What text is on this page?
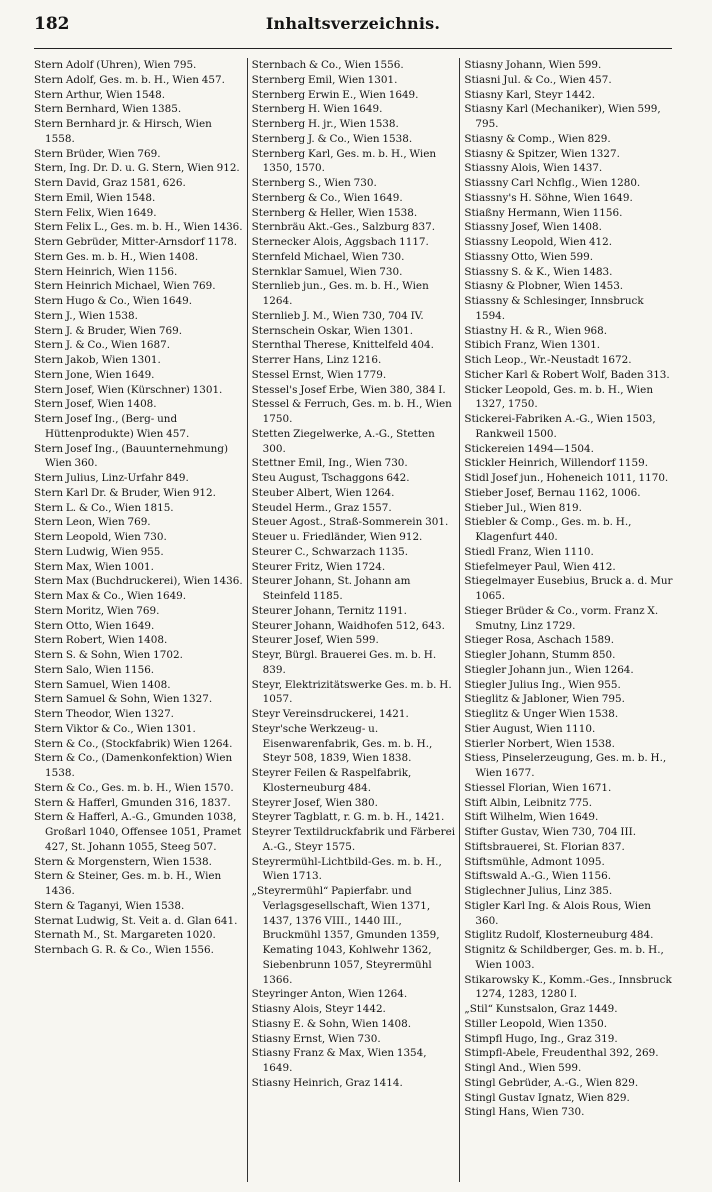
Inhaltsverzeichnis.
182
Stern Adolf (Uhren), Wien 795.
Stern Adolf, Ges. m. b. H., Wien 457.
Stern Arthur, Wien 1548.
Stern Bernhard, Wien 1385.
Stern Bernhard jr. & Hirsch, Wien 1558.
Stern Brüder, Wien 769.
Stern, Ing. Dr. D. u. G. Stern, Wien 912.
Stern David, Graz 1581, 626.
Stern Emil, Wien 1548.
Stern Felix, Wien 1649.
Stern Felix L., Ges. m. b. H., Wien 1436.
Stern Gebrüder, Mitter-Arnsdorf 1178.
Stern Ges. m. b. H., Wien 1408.
Stern Heinrich, Wien 1156.
Stern Heinrich Michael, Wien 769.
Stern Hugo & Co., Wien 1649.
Stern J., Wien 1538.
Stern J. & Bruder, Wien 769.
Stern J. & Co., Wien 1687.
Stern Jakob, Wien 1301.
Stern Jone, Wien 1649.
Stern Josef, Wien (Kürschner) 1301.
Stern Josef, Wien 1408.
Stern Josef Ing., (Berg- und Hüttenprodukte) Wien 457.
Stern Josef Ing., (Bauunternehmung) Wien 360.
Stern Julius, Linz-Urfahr 849.
Stern Karl Dr. & Bruder, Wien 912.
Stern L. & Co., Wien 1815.
Stern Leon, Wien 769.
Stern Leopold, Wien 730.
Stern Ludwig, Wien 955.
Stern Max, Wien 1001.
Stern Max (Buchdruckerei), Wien 1436.
Stern Max & Co., Wien 1649.
Stern Moritz, Wien 769.
Stern Otto, Wien 1649.
Stern Robert, Wien 1408.
Stern S. & Sohn, Wien 1702.
Stern Salo, Wien 1156.
Stern Samuel, Wien 1408.
Stern Samuel & Sohn, Wien 1327.
Stern Theodor, Wien 1327.
Stern Viktor & Co., Wien 1301.
Stern & Co., (Stockfabrik) Wien 1264.
Stern & Co., (Damenkonfektion) Wien 1538.
Stern & Co., Ges. m. b. H., Wien 1570.
Stern & Hafferl, Gmunden 316, 1837.
Stern & Hafferl, A.-G., Gmunden 1038, Großarl 1040, Offensee 1051, Pramet 427, St. Johann 1055, Steeg 507.
Stern & Morgenstern, Wien 1538.
Stern & Steiner, Ges. m. b. H., Wien 1436.
Stern & Taganyi, Wien 1538.
Sternat Ludwig, St. Veit a. d. Glan 641.
Sternath M., St. Margareten 1020.
Sternbach G. R. & Co., Wien 1556.
Sternbach & Co., Wien 1556.
Sternberg Emil, Wien 1301.
Sternberg Erwin E., Wien 1649.
Sternberg H. Wien 1649.
Sternberg H. jr., Wien 1538.
Sternberg J. & Co., Wien 1538.
Sternberg Karl, Ges. m. b. H., Wien 1350, 1570.
Sternberg S., Wien 730.
Sternberg & Co., Wien 1649.
Sternberg & Heller, Wien 1538.
Sternbräu Akt.-Ges., Salzburg 837.
Sternecker Alois, Aggsbach 1117.
Sternfeld Michael, Wien 730.
Sternklar Samuel, Wien 730.
Sternlieb jun., Ges. m. b. H., Wien 1264.
Sternlieb J. M., Wien 730, 704 IV.
Sternschein Oskar, Wien 1301.
Sternthal Therese, Knittelfeld 404.
Sterrer Hans, Linz 1216.
Stessel Ernst, Wien 1779.
Stessel's Josef Erbe, Wien 380, 384 I.
Stessel & Ferruch, Ges. m. b. H., Wien 1750.
Stetten Ziegelwerke, A.-G., Stetten 300.
Stettner Emil, Ing., Wien 730.
Steu August, Tschaggons 642.
Steuber Albert, Wien 1264.
Steudel Herm., Graz 1557.
Steuer Agost., Straß-Sommerein 301.
Steuer u. Friedländer, Wien 912.
Steurer C., Schwarzach 1135.
Steurer Fritz, Wien 1724.
Steurer Johann, St. Johann am Steinfeld 1185.
Steurer Johann, Ternitz 1191.
Steurer Johann, Waidhofen 512, 643.
Steurer Josef, Wien 599.
Steyr, Bürgl. Brauerei Ges. m. b. H. 839.
Steyr, Elektrizitätswerke Ges. m. b. H. 1057.
Steyr Vereinsdruckerei, 1421.
Steyr'sche Werkzeug- u. Eisenwarenfabrik, Ges. m. b. H., Steyr 508, 1839, Wien 1838.
Steyrer Feilen & Raspelfabrik, Klosterneuburg 484.
Steyrer Josef, Wien 380.
Steyrer Tagblatt, r. G. m. b. H., 1421.
Steyrer Textildruckfabrik und Färberei A.-G., Steyr 1575.
Steyrermühl-Lichtbild-Ges. m. b. H., Wien 1713.
„Steyrermühl“ Papierfabr. und Verlagsgesellschaft, Wien 1371, 1437, 1376 VIII., 1440 III., Bruckmühl 1357, Gmunden 1359, Kemating 1043, Kohlwehr 1362, Siebenbrunn 1057, Steyrermühl 1366.
Steyringer Anton, Wien 1264.
Stiasny Alois, Steyr 1442.
Stiasny E. & Sohn, Wien 1408.
Stiasny Ernst, Wien 730.
Stiasny Franz & Max, Wien 1354, 1649.
Stiasny Heinrich, Graz 1414.
Stiasny Johann, Wien 599.
Stiasni Jul. & Co., Wien 457.
Stiasny Karl, Steyr 1442.
Stiasny Karl (Mechaniker), Wien 599, 795.
Stiasny & Comp., Wien 829.
Stiasny & Spitzer, Wien 1327.
Stiassny Alois, Wien 1437.
Stiassny Carl Nchflg., Wien 1280.
Stiassny's H. Söhne, Wien 1649.
Stiaßny Hermann, Wien 1156.
Stiassny Josef, Wien 1408.
Stiassny Leopold, Wien 412.
Stiassny Otto, Wien 599.
Stiassny S. & K., Wien 1483.
Stiasny & Plobner, Wien 1453.
Stiassny & Schlesinger, Innsbruck 1594.
Stiastny H. & R., Wien 968.
Stibich Franz, Wien 1301.
Stich Leop., Wr.-Neustadt 1672.
Sticher Karl & Robert Wolf, Baden 313.
Sticker Leopold, Ges. m. b. H., Wien 1327, 1750.
Stickerei-Fabriken A.-G., Wien 1503, Rankweil 1500.
Stickereien 1494—1504.
Stickler Heinrich, Willendorf 1159.
Stidl Josef jun., Hoheneich 1011, 1170.
Stieber Josef, Bernau 1162, 1006.
Stieber Jul., Wien 819.
Stiebler & Comp., Ges. m. b. H., Klagenfurt 440.
Stiedl Franz, Wien 1110.
Stiefelmeyer Paul, Wien 412.
Stiegelmayer Eusebius, Bruck a. d. Mur 1065.
Stieger Brüder & Co., vorm. Franz X. Smutny, Linz 1729.
Stieger Rosa, Aschach 1589.
Stiegler Johann, Stumm 850.
Stiegler Johann jun., Wien 1264.
Stiegler Julius Ing., Wien 955.
Stieglitz & Jabloner, Wien 795.
Stieglitz & Unger Wien 1538.
Stier August, Wien 1110.
Stierler Norbert, Wien 1538.
Stiess, Pinselerzeugung, Ges. m. b. H., Wien 1677.
Stiessel Florian, Wien 1671.
Stift Albin, Leibnitz 775.
Stift Wilhelm, Wien 1649.
Stifter Gustav, Wien 730, 704 III.
Stiftsbrauerei, St. Florian 837.
Stiftsmühle, Admont 1095.
Stiftswald A.-G., Wien 1156.
Stiglechner Julius, Linz 385.
Stigler Karl Ing. & Alois Rous, Wien 360.
Stiglitz Rudolf, Klosterneuburg 484.
Stignitz & Schildberger, Ges. m. b. H., Wien 1003.
Stikarowsky K., Komm.-Ges., Innsbruck 1274, 1283, 1280 I.
„Stil“ Kunstsalon, Graz 1449.
Stiller Leopold, Wien 1350.
Stimpfl Hugo, Ing., Graz 319.
Stimpfl-Abele, Freudenthal 392, 269.
Stingl And., Wien 599.
Stingl Gebrüder, A.-G., Wien 829.
Stingl Gustav Ignatz, Wien 829.
Stingl Hans, Wien 730.
